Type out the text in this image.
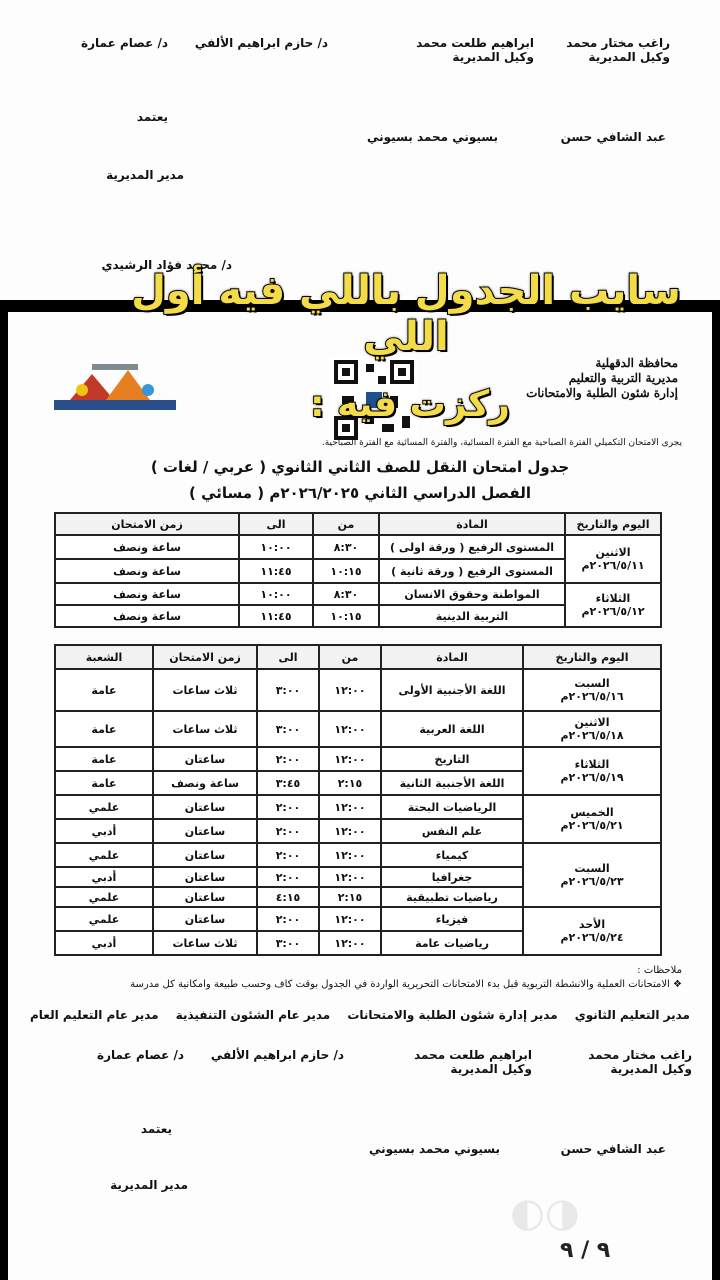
راغب مختار محمد
وكيل المديرية
ابراهيم طلعت محمد
وكيل المديرية
د/ حازم ابراهيم الألفي
د/ عصام عمارة
عبد الشافي حسن
بسيوني محمد بسيوني
يعتمد
مدير المديرية
د/ محمد فؤاد الرشيدي
محافظة الدقهلية
مديرية التربية والتعليم
إدارة شئون الطلبة والامتحانات
يجرى الامتحان التكميلي الفترة الصباحية مع الفترة المسائية، والفترة المسائية مع الفترة الصباحية.
جدول امتحان النقل للصف الثاني الثانوي ( عربي / لغات )
الفصل الدراسي الثاني ٢٠٢٦/٢٠٢٥م ( مسائي )
اليوم والتاريخ	المادة	من	الى	زمن الامتحان

الاثنين
٢٠٢٦/٥/١١م	المستوى الرفيع ( ورقة اولى )	٨:٣٠	١٠:٠٠	ساعة ونصف
	المستوى الرفيع ( ورقة ثانية )	١٠:١٥	١١:٤٥	ساعة ونصف

الثلاثاء
٢٠٢٦/٥/١٢م	المواطنة وحقوق الانسان	٨:٣٠	١٠:٠٠	ساعة ونصف
	التربية الدينية	١٠:١٥	١١:٤٥	ساعة ونصف
اليوم والتاريخ	المادة	من	الى	زمن الامتحان	الشعبة

السبت
٢٠٢٦/٥/١٦م	اللغة الأجنبية الأولى	١٢:٠٠	٣:٠٠	ثلاث ساعات	عامة

الاثنين
٢٠٢٦/٥/١٨م	اللغة العربية	١٢:٠٠	٣:٠٠	ثلاث ساعات	عامة

الثلاثاء
٢٠٢٦/٥/١٩م	التاريخ	١٢:٠٠	٢:٠٠	ساعتان	عامة
	اللغة الأجنبية الثانية	٢:١٥	٣:٤٥	ساعة ونصف	عامة

الخميس
٢٠٢٦/٥/٢١م	الرياضيات البحتة	١٢:٠٠	٢:٠٠	ساعتان	علمي
	علم النفس	١٢:٠٠	٢:٠٠	ساعتان	أدبي

السبت
٢٠٢٦/٥/٢٣م	كيمياء	١٢:٠٠	٢:٠٠	ساعتان	علمي
	جغرافيا	١٢:٠٠	٢:٠٠	ساعتان	أدبي
	رياضيات تطبيقية	٢:١٥	٤:١٥	ساعتان	علمي

الأحد
٢٠٢٦/٥/٢٤م	فيزياء	١٢:٠٠	٢:٠٠	ساعتان	علمي
	رياضيات عامة	١٢:٠٠	٣:٠٠	ثلاث ساعات	أدبي
ملاحظات :
❖ الامتحانات العملية والانشطة التربوية قبل بدء الامتحانات التحريرية الواردة في الجدول بوقت كاف وحسب طبيعة وامكانية كل مدرسة
مدير التعليم الثانوي
مدير إدارة شئون الطلبة والامتحانات
مدير عام الشئون التنفيذية
مدير عام التعليم العام
راغب مختار محمد
وكيل المديرية
ابراهيم طلعت محمد
وكيل المديرية
د/ حازم ابراهيم الألفي
د/ عصام عمارة
يعتمد
عبد الشافي حسن
بسيوني محمد بسيوني
مدير المديرية
◐◑
٩ / ٩
سايب الجدول باللي فيه أول اللي
ركزت فيه :
